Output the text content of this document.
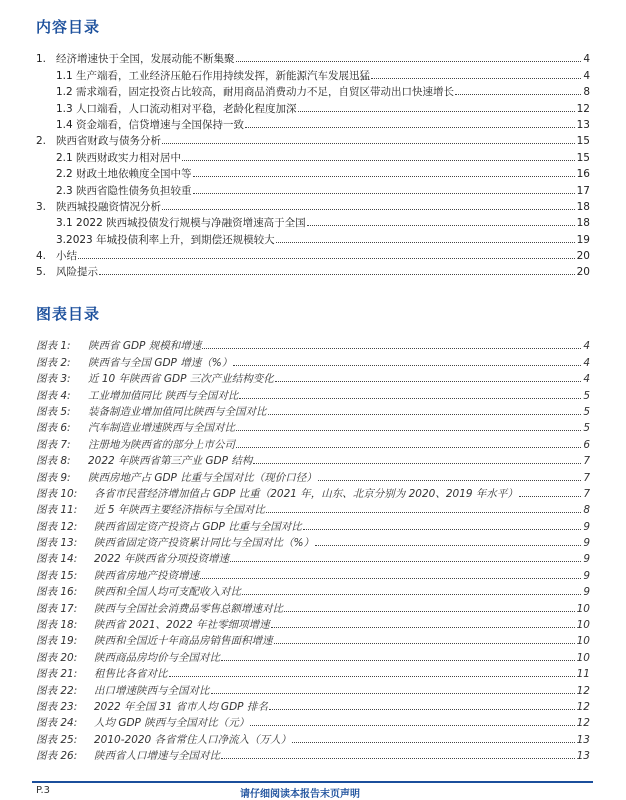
内容目录
1. 经济增速快于全国，发展动能不断集聚	4
1.1 生产端看，工业经济压舱石作用持续发挥，新能源汽车发展迅猛	4
1.2 需求端看，固定投资占比较高，耐用商品消费动力不足，自贸区带动出口快速增长	8
1.3 人口端看，人口流动相对平稳，老龄化程度加深	12
1.4 资金端看，信贷增速与全国保持一致	13
2. 陕西省财政与债务分析	15
2.1 陕西财政实力相对居中	15
2.2 财政土地依赖度全国中等	16
2.3 陕西省隐性债务负担较重	17
3. 陕西城投融资情况分析	18
3.1 2022 陕西城投债发行规模与净融资增速高于全国	18
3.2023 年城投债利率上升，到期偿还规模较大	19
4. 小结	20
5. 风险提示	20
图表目录
图表 1:	陕西省 GDP 规模和增速	4
图表 2:	陕西省与全国 GDP 增速（%）	4
图表 3:	近 10 年陕西省 GDP 三次产业结构变化	4
图表 4:	工业增加值同比 陕西与全国对比	5
图表 5:	装备制造业增加值同比陕西与全国对比	5
图表 6:	汽车制造业增速陕西与全国对比	5
图表 7:	注册地为陕西省的部分上市公司	6
图表 8:	2022 年陕西省第三产业 GDP 结构	7
图表 9:	陕西房地产占 GDP 比重与全国对比（现价口径）	7
图表 10:	各省市民营经济增加值占 GDP 比重（2021 年，山东、北京分别为 2020、2019 年水平）	7
图表 11:	近 5 年陕西主要经济指标与全国对比	8
图表 12:	陕西省固定资产投资占 GDP 比重与全国对比	9
图表 13:	陕西省固定资产投资累计同比与全国对比（%）	9
图表 14:	2022 年陕西省分项投资增速	9
图表 15:	陕西省房地产投资增速	9
图表 16:	陕西和全国人均可支配收入对比	9
图表 17:	陕西与全国社会消费品零售总额增速对比	10
图表 18:	陕西省 2021、2022 年社零细项增速	10
图表 19:	陕西和全国近十年商品房销售面积增速	10
图表 20:	陕西商品房均价与全国对比	10
图表 21:	租售比各省对比	11
图表 22:	出口增速陕西与全国对比	12
图表 23:	2022 年全国 31 省市人均 GDP 排名	12
图表 24:	人均 GDP 陕西与全国对比（元）	12
图表 25:	2010-2020 各省常住人口净流入（万人）	13
图表 26:	陕西省人口增速与全国对比	13
P.3	请仔细阅读本报告末页声明
